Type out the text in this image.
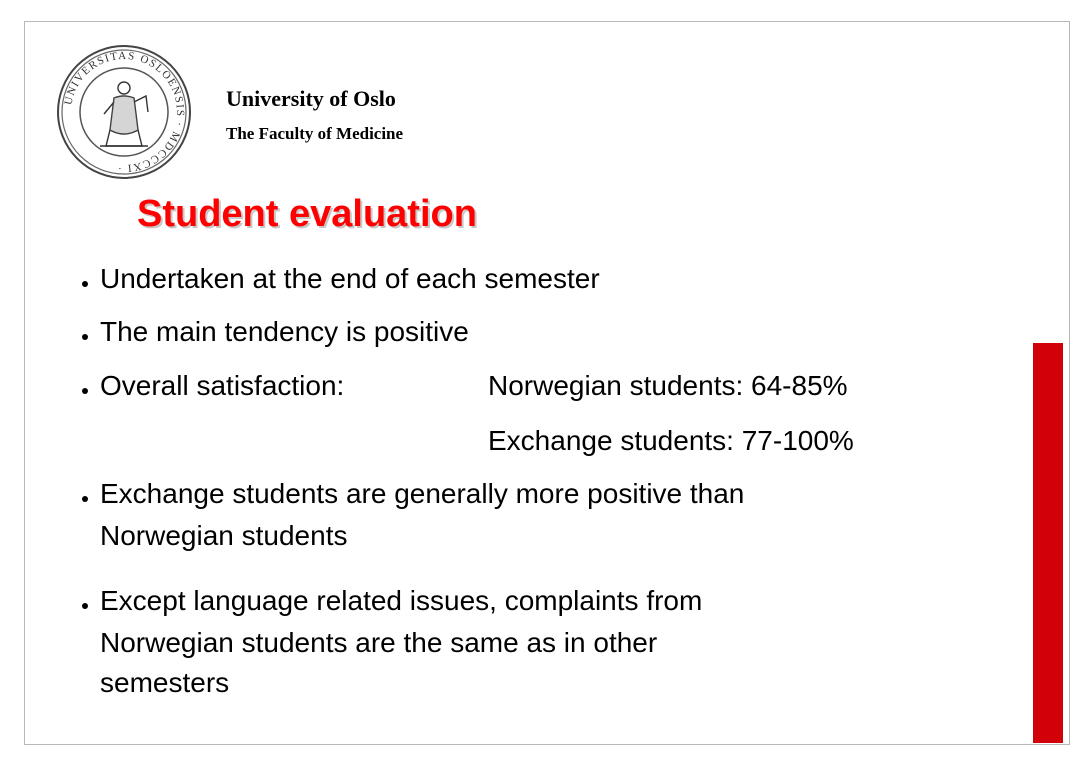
UNIVERSITAS OSLOENSIS · MDCCCXI ·
University of Oslo
The Faculty of Medicine
Student evaluation
Undertaken at the end of each semester
The main tendency is positive
Overall satisfaction:	Norwegian students: 64-85%
Exchange students: 77-100%
Exchange students are generally more positive than
Norwegian students
Except language related issues, complaints from
Norwegian students are the same as in other
semesters
